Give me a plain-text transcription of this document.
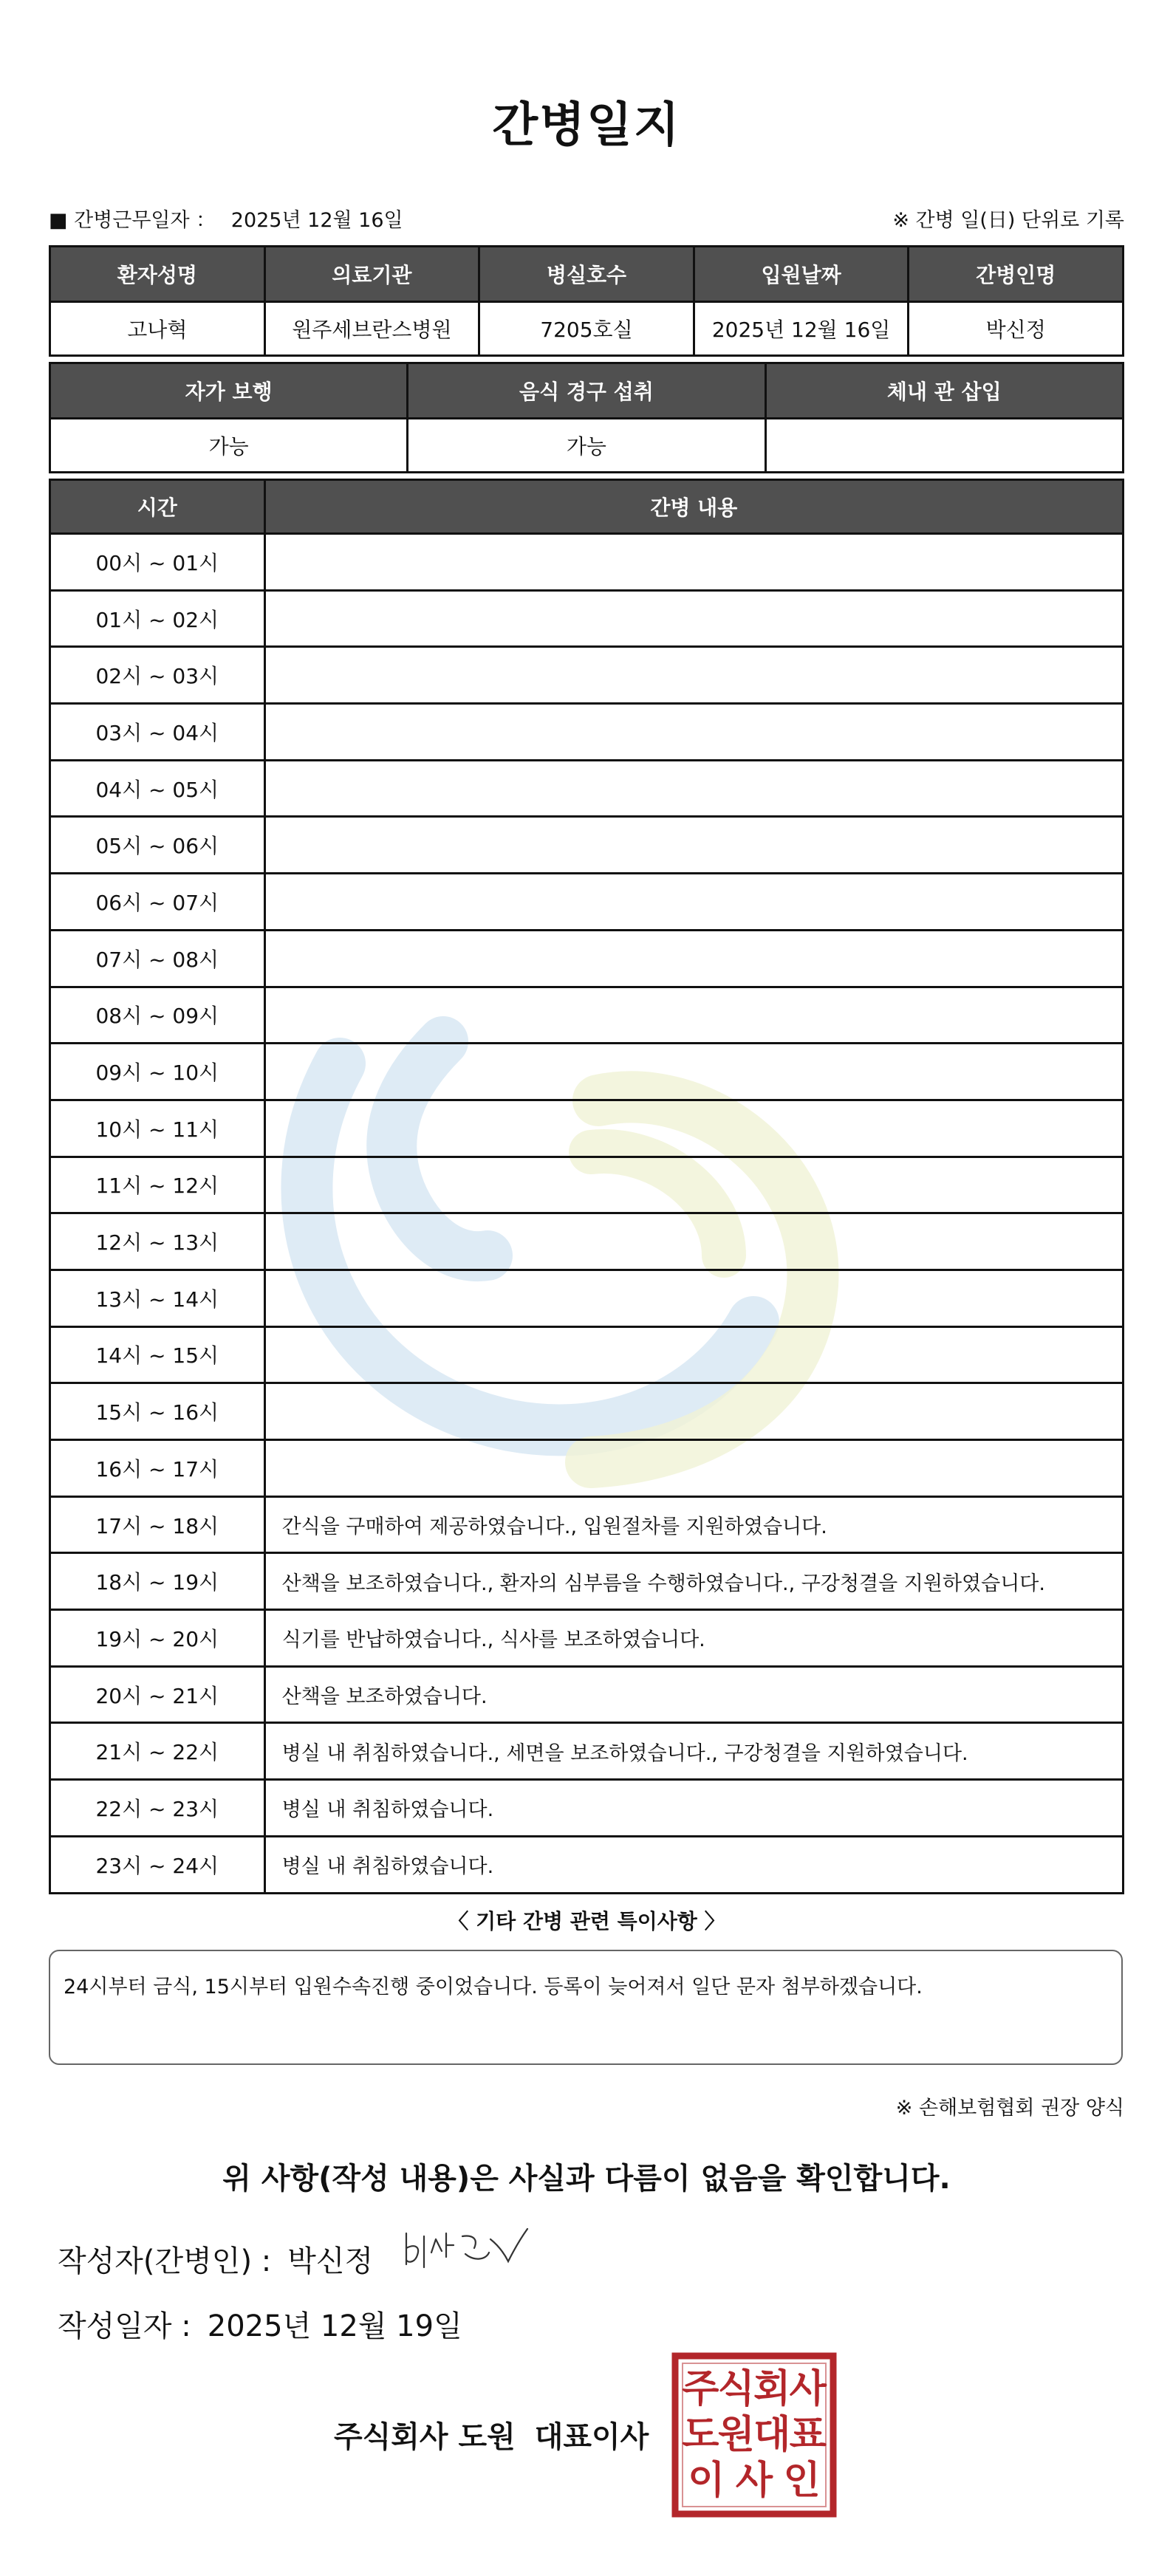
간병일지
■ 간병근무일자 ： 2025년 12월 16일	※ 간병 일(日) 단위로 기록
환자성명	의료기관	병실호수	입원날짜	간병인명
고나혁	원주세브란스병원	7205호실	2025년 12월 16일	박신정
자가 보행	음식 경구 섭취	체내 관 삽입
가능	가능	
시간	간병 내용
00시 ~ 01시	
01시 ~ 02시	
02시 ~ 03시	
03시 ~ 04시	
04시 ~ 05시	
05시 ~ 06시	
06시 ~ 07시	
07시 ~ 08시	
08시 ~ 09시	
09시 ~ 10시	
10시 ~ 11시	
11시 ~ 12시	
12시 ~ 13시	
13시 ~ 14시	
14시 ~ 15시	
15시 ~ 16시	
16시 ~ 17시	
17시 ~ 18시	간식을 구매하여 제공하였습니다., 입원절차를 지원하였습니다.
18시 ~ 19시	산책을 보조하였습니다., 환자의 심부름을 수행하였습니다., 구강청결을 지원하였습니다.
19시 ~ 20시	식기를 반납하였습니다., 식사를 보조하였습니다.
20시 ~ 21시	산책을 보조하였습니다.
21시 ~ 22시	병실 내 취침하였습니다., 세면을 보조하였습니다., 구강청결을 지원하였습니다.
22시 ~ 23시	병실 내 취침하였습니다.
23시 ~ 24시	병실 내 취침하였습니다.
〈 기타 간병 관련 특이사항 〉
24시부터 금식, 15시부터 입원수속진행 중이었습니다. 등록이 늦어져서 일단 문자 첨부하겠습니다.
※ 손해보험협회 권장 양식
위 사항(작성 내용)은 사실과 다름이 없음을 확인합니다.
작성자(간병인) : 박신정
작성일자 : 2025년 12월 19일
주식회사 도원 대표이사
주
식
회
사
도
원
대
표
이 사 인
